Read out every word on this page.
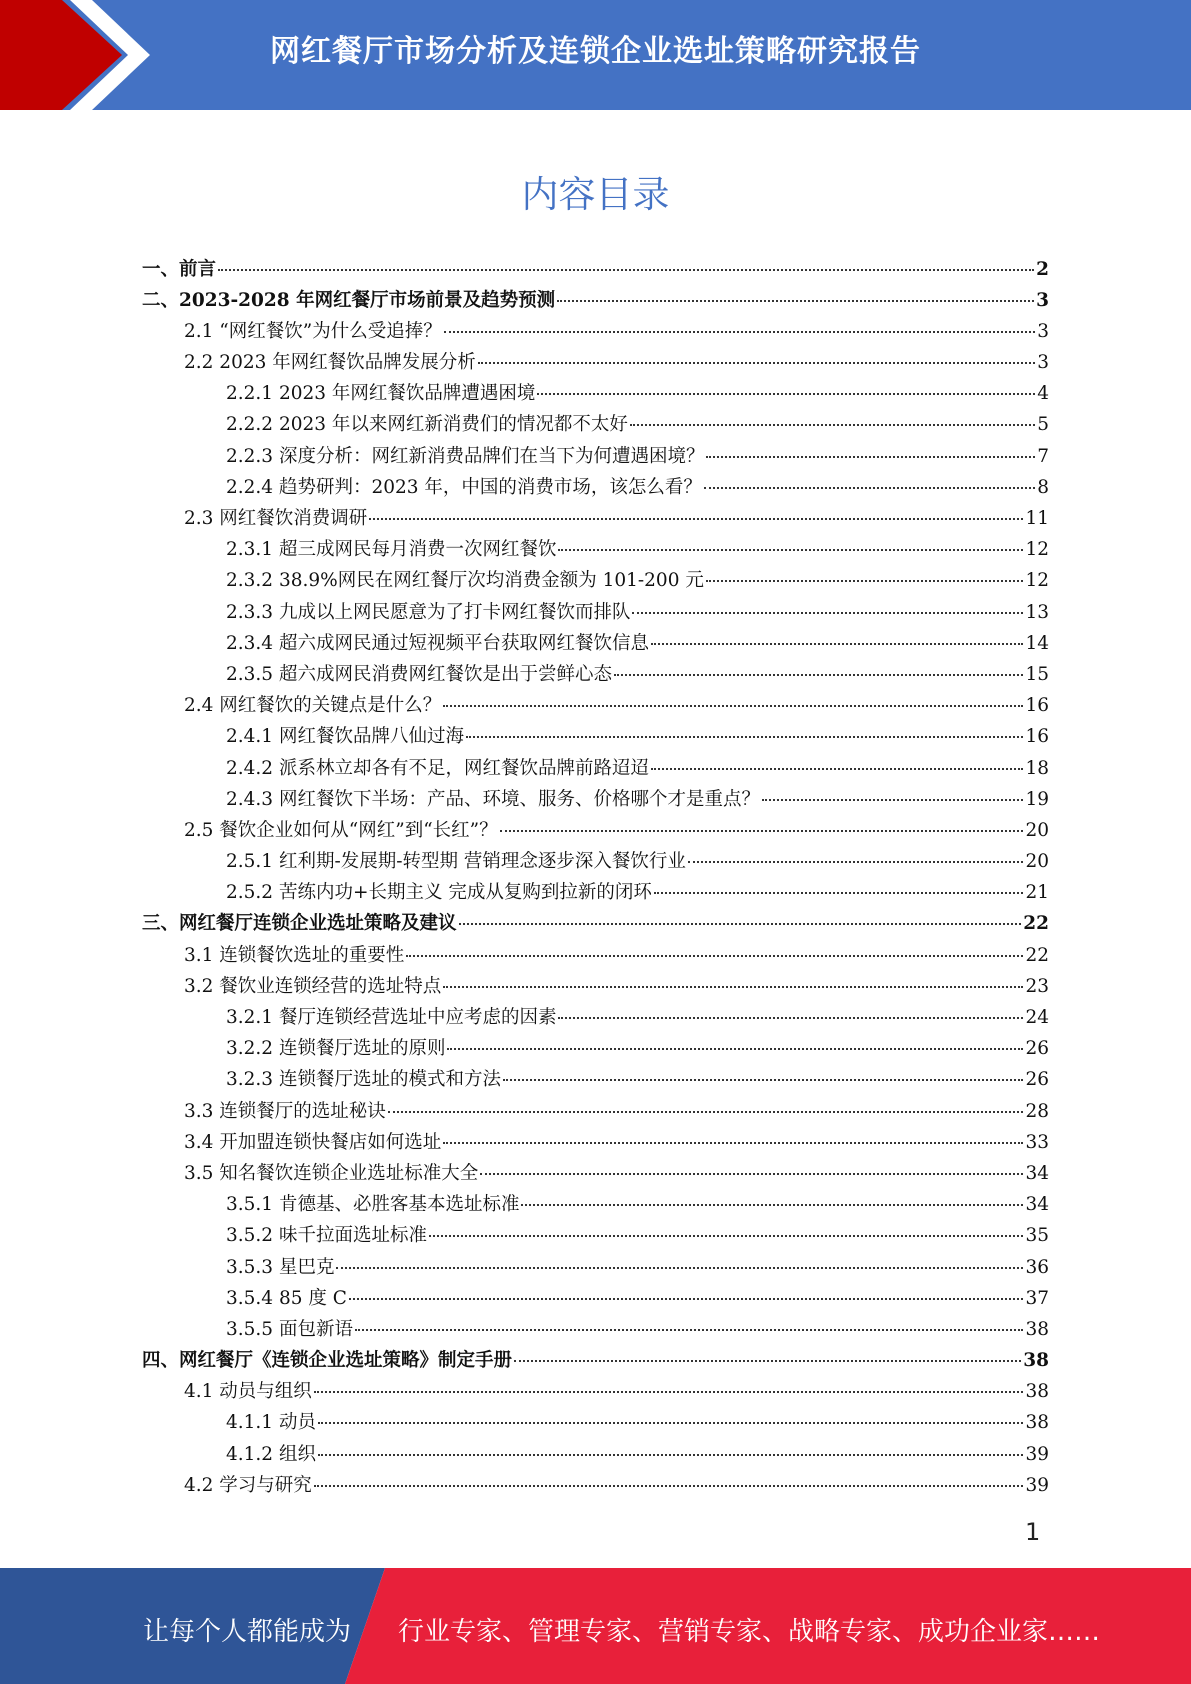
网红餐厅市场分析及连锁企业选址策略研究报告
内容目录
一、前言	2
二、2023-2028 年网红餐厅市场前景及趋势预测	3
2.1 “网红餐饮”为什么受追捧？	3
2.2 2023 年网红餐饮品牌发展分析	3
2.2.1 2023 年网红餐饮品牌遭遇困境	4
2.2.2 2023 年以来网红新消费们的情况都不太好	5
2.2.3 深度分析：网红新消费品牌们在当下为何遭遇困境？	7
2.2.4 趋势研判：2023 年，中国的消费市场，该怎么看？	8
2.3 网红餐饮消费调研	11
2.3.1 超三成网民每月消费一次网红餐饮	12
2.3.2 38.9%网民在网红餐厅次均消费金额为 101-200 元	12
2.3.3 九成以上网民愿意为了打卡网红餐饮而排队	13
2.3.4 超六成网民通过短视频平台获取网红餐饮信息	14
2.3.5 超六成网民消费网红餐饮是出于尝鲜心态	15
2.4 网红餐饮的关键点是什么？	16
2.4.1 网红餐饮品牌八仙过海	16
2.4.2 派系林立却各有不足，网红餐饮品牌前路迢迢	18
2.4.3 网红餐饮下半场：产品、环境、服务、价格哪个才是重点？	19
2.5 餐饮企业如何从“网红”到“长红”？	20
2.5.1 红利期-发展期-转型期 营销理念逐步深入餐饮行业	20
2.5.2 苦练内功+长期主义 完成从复购到拉新的闭环	21
三、网红餐厅连锁企业选址策略及建议	22
3.1 连锁餐饮选址的重要性	22
3.2 餐饮业连锁经营的选址特点	23
3.2.1 餐厅连锁经营选址中应考虑的因素	24
3.2.2 连锁餐厅选址的原则	26
3.2.3 连锁餐厅选址的模式和方法	26
3.3 连锁餐厅的选址秘诀	28
3.4 开加盟连锁快餐店如何选址	33
3.5 知名餐饮连锁企业选址标准大全	34
3.5.1 肯德基、必胜客基本选址标准	34
3.5.2 味千拉面选址标准	35
3.5.3 星巴克	36
3.5.4 85 度 C	37
3.5.5 面包新语	38
四、网红餐厅《连锁企业选址策略》制定手册	38
4.1 动员与组织	38
4.1.1 动员	38
4.1.2 组织	39
4.2 学习与研究	39
1
让每个人都能成为 行业专家、管理专家、营销专家、战略专家、成功企业家……
